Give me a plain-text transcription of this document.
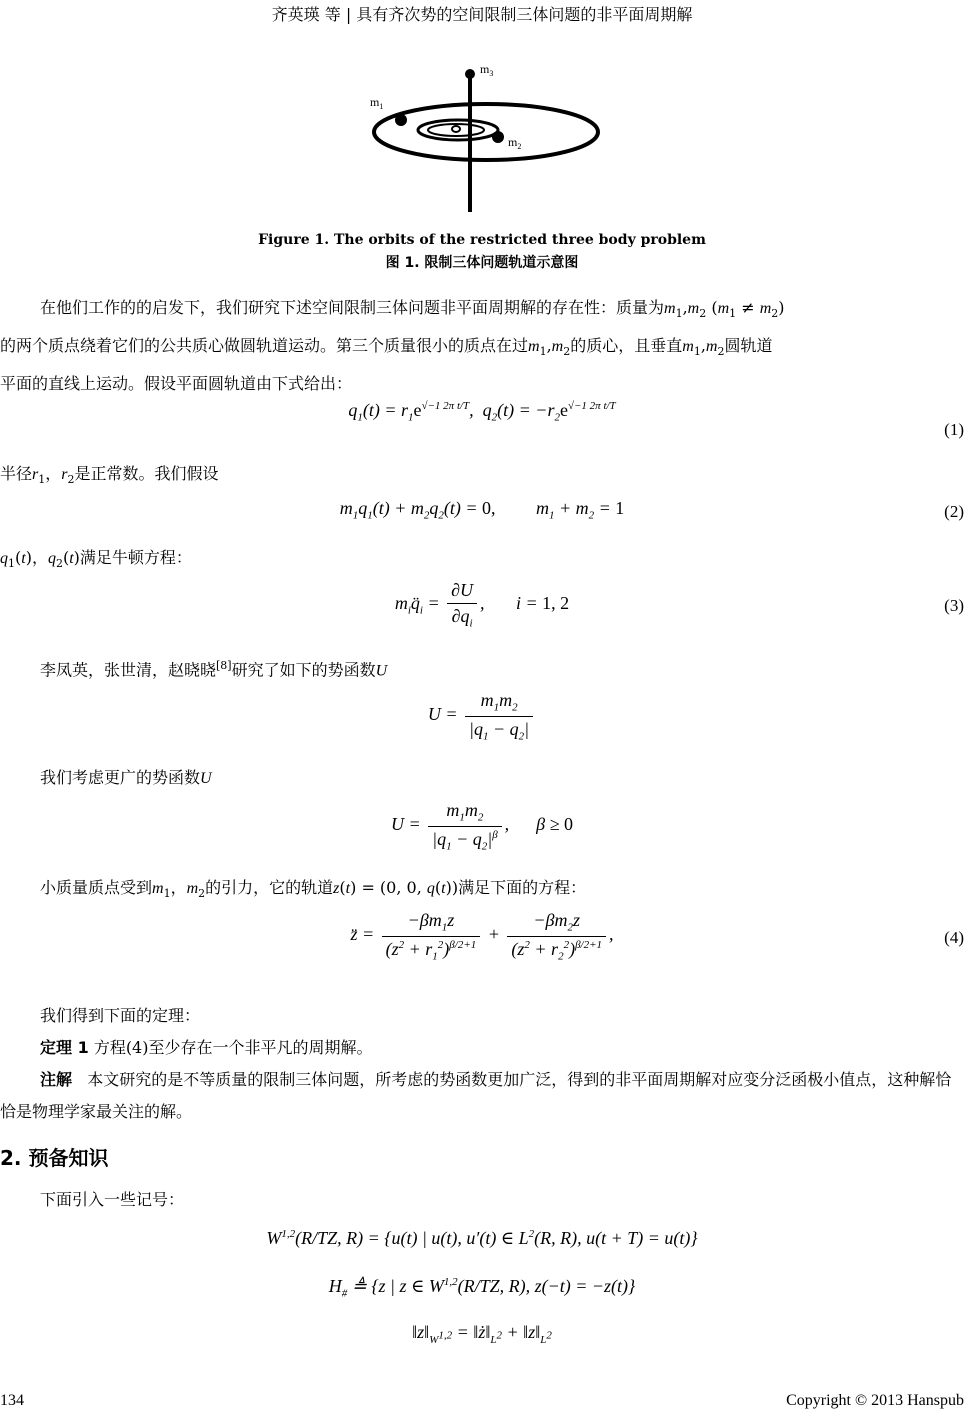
齐英瑛 等 | 具有齐次势的空间限制三体问题的非平面周期解
$m_3$
$m_1$
$m_2$
Figure 1. The orbits of the restricted three body problem
图 1. 限制三体问题轨道示意图
在他们工作的的启发下，我们研究下述空间限制三体问题非平面周期解的存在性：质量为$m_1,m_2$ $(m_1 \ne m_2)$
的两个质点绕着它们的公共质心做圆轨道运动。第三个质量很小的质点在过$m_1,m_2$的质心，且垂直$m_1,m_2$圆轨道
平面的直线上运动。假设平面圆轨道由下式给出：
$q_1(t) = r_1e^{√-1 2\pi t/T}$,  $q_2(t) = -r_2e^{√-1 2\pi t/T}$
(1)
半径$r_1$，$r_2$是正常数。我们假设
$m_1q_1(t) + m_2q_2(t) = 0$,         $m_1 + m_2 = 1$	(2)
$q_1(t)$，$q_2(t)$满足牛顿方程：
$m_iq̈_i = \frac{\partial U}{\partial q_i}$ ,       i = 1, 2	(3)
李凤英，张世清，赵晓晓[8]研究了如下的势函数U
$U = \frac{m_1m_2}{|q_1 - q_2|}$
我们考虑更广的势函数U
$U = \frac{m_1m_2}{|q_1 - q_2|^\beta}$ ,      β ≥ 0
小质量质点受到$m_1$，$m_2$的引力，它的轨道z(t) = (0, 0, q(t))满足下面的方程：
z̈ = $\frac{-\beta m_1z}{(z^2 + r_1^2)^{\beta/2+1}} + \frac{-\beta m_2z}{(z^2 + r_2^2)^{\beta/2+1}}$ ,	(4)
我们得到下面的定理：
定理 1 方程(4)至少存在一个非平凡的周期解。
注解 本文研究的是不等质量的限制三体问题，所考虑的势函数更加广泛，得到的非平面周期解对应变分泛函极小值点，这种解恰恰是物理学家最关注的解。
2. 预备知识
下面引入一些记号：
W$^{1,2}$(R/TZ, R) = {u(t) | u(t), u′(t) ∈ $L^2(R$, R), u(t + T) = u(t)}
$H_{\#}$ ≜ {z | z ∈ W$^{1,2}$(R/TZ, R), z(−t) = −z(t)}
$‖z‖_{W^{1,2}}$ = $‖ż‖_{L^2}$ + $‖z‖_{L^2}$
134	Copyright © 2013 Hanspub
